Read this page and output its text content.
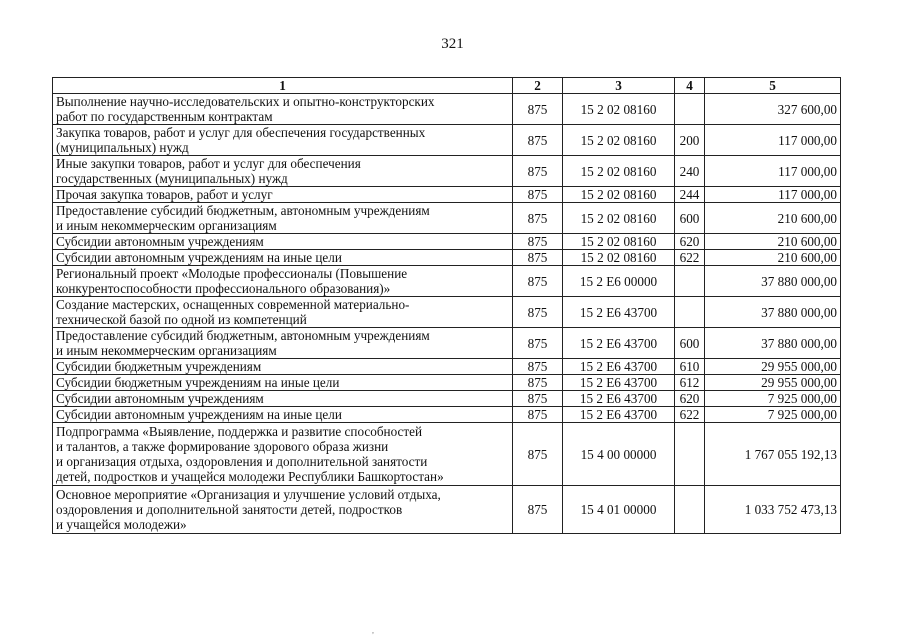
321
1	2	3	4	5
Выполнение научно-исследовательских и опытно-конструкторских
работ по государственным контрактам	875	15 2 02 08160		327 600,00
Закупка товаров, работ и услуг для обеспечения государственных
(муниципальных) нужд	875	15 2 02 08160	200	117 000,00
Иные закупки товаров, работ и услуг для обеспечения
государственных (муниципальных) нужд	875	15 2 02 08160	240	117 000,00
Прочая закупка товаров, работ и услуг	875	15 2 02 08160	244	117 000,00
Предоставление субсидий бюджетным, автономным учреждениям
и иным некоммерческим организациям	875	15 2 02 08160	600	210 600,00
Субсидии автономным учреждениям	875	15 2 02 08160	620	210 600,00
Субсидии автономным учреждениям на иные цели	875	15 2 02 08160	622	210 600,00
Региональный проект «Молодые профессионалы (Повышение
конкурентоспособности профессионального образования)»	875	15 2 Е6 00000		37 880 000,00
Создание мастерских, оснащенных современной материально-
технической базой по одной из компетенций	875	15 2 Е6 43700		37 880 000,00
Предоставление субсидий бюджетным, автономным учреждениям
и иным некоммерческим организациям	875	15 2 Е6 43700	600	37 880 000,00
Субсидии бюджетным учреждениям	875	15 2 Е6 43700	610	29 955 000,00
Субсидии бюджетным учреждениям на иные цели	875	15 2 Е6 43700	612	29 955 000,00
Субсидии автономным учреждениям	875	15 2 Е6 43700	620	7 925 000,00
Субсидии автономным учреждениям на иные цели	875	15 2 Е6 43700	622	7 925 000,00
Подпрограмма «Выявление, поддержка и развитие способностей
и талантов, а также формирование здорового образа жизни
и организация отдыха, оздоровления и дополнительной занятости
детей, подростков и учащейся молодежи Республики Башкортостан»	875	15 4 00 00000		1 767 055 192,13
Основное мероприятие «Организация и улучшение условий отдыха,
оздоровления и дополнительной занятости детей, подростков
и учащейся молодежи»	875	15 4 01 00000		1 033 752 473,13
,
